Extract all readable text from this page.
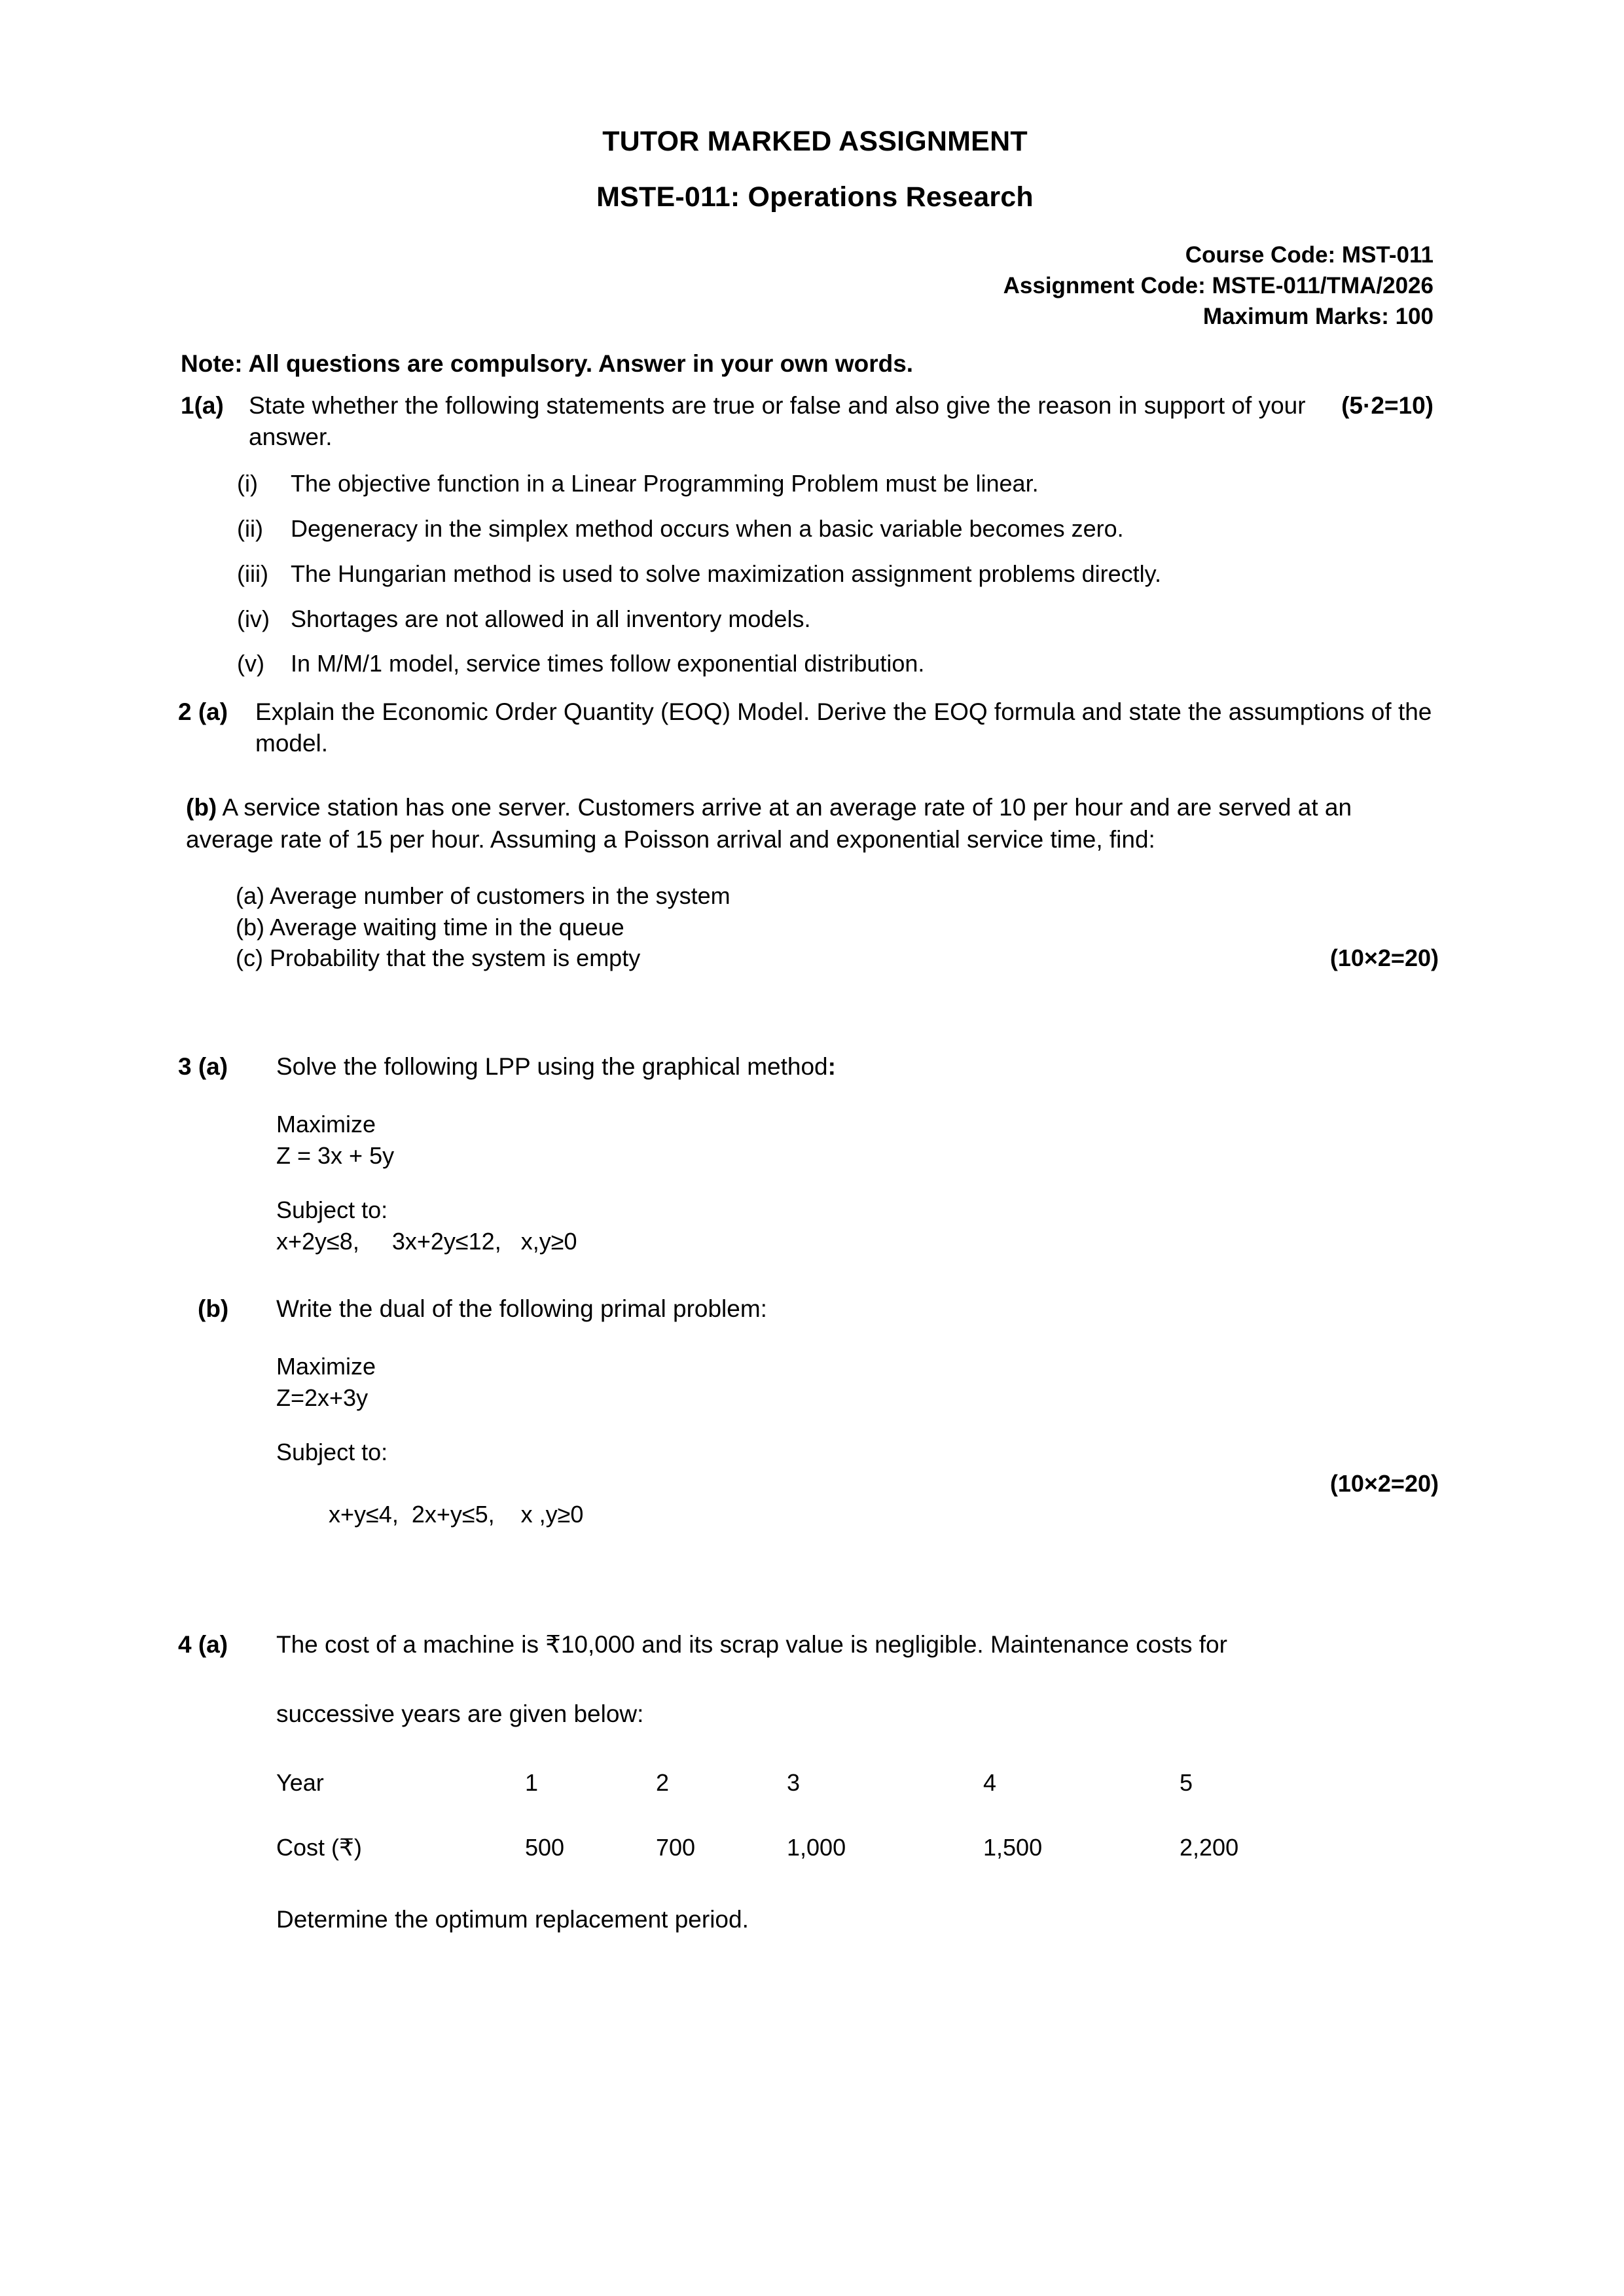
TUTOR MARKED ASSIGNMENT
MSTE-011: Operations Research
Course Code: MST-011
Assignment Code: MSTE-011/TMA/2026
Maximum Marks: 100
Note: All questions are compulsory. Answer in your own words.
1(a)	(5·2=10)
State whether the following statements are true or false and also give the reason in support of your answer.
(i)	The objective function in a Linear Programming Problem must be linear.
(ii)	Degeneracy in the simplex method occurs when a basic variable becomes zero.
(iii) The Hungarian method is used to solve maximization assignment problems directly.
(iv) Shortages are not allowed in all inventory models.
(v)	In M/M/1 model, service times follow exponential distribution.
2 (a)	Explain the Economic Order Quantity (EOQ) Model. Derive the EOQ formula and state the assumptions of the model.
(b) A service station has one server. Customers arrive at an average rate of 10 per hour and are served at an average rate of 15 per hour. Assuming a Poisson arrival and exponential service time, find:
(a) Average number of customers in the system
(b) Average waiting time in the queue
(c) Probability that the system is empty	(10×2=20)
3 (a)	Solve the following LPP using the graphical method:
Maximize
Z = 3x + 5y
Subject to:
x+2y≤8,     3x+2y≤12,   x,y≥0
(b)	Write the dual of the following primal problem:
Maximize
Z=2x+3y
Subject to:

x+y≤4,  2x+y≤5,    x ,y≥0

(10×2=20)

4 (a)	The cost of a machine is ₹10,000 and its scrap value is negligible. Maintenance costs for
successive years are given below:
Year	1	2	3	4	5

Cost (₹)	500	700	1,000	1,500	2,200
Determine the optimum replacement period.
